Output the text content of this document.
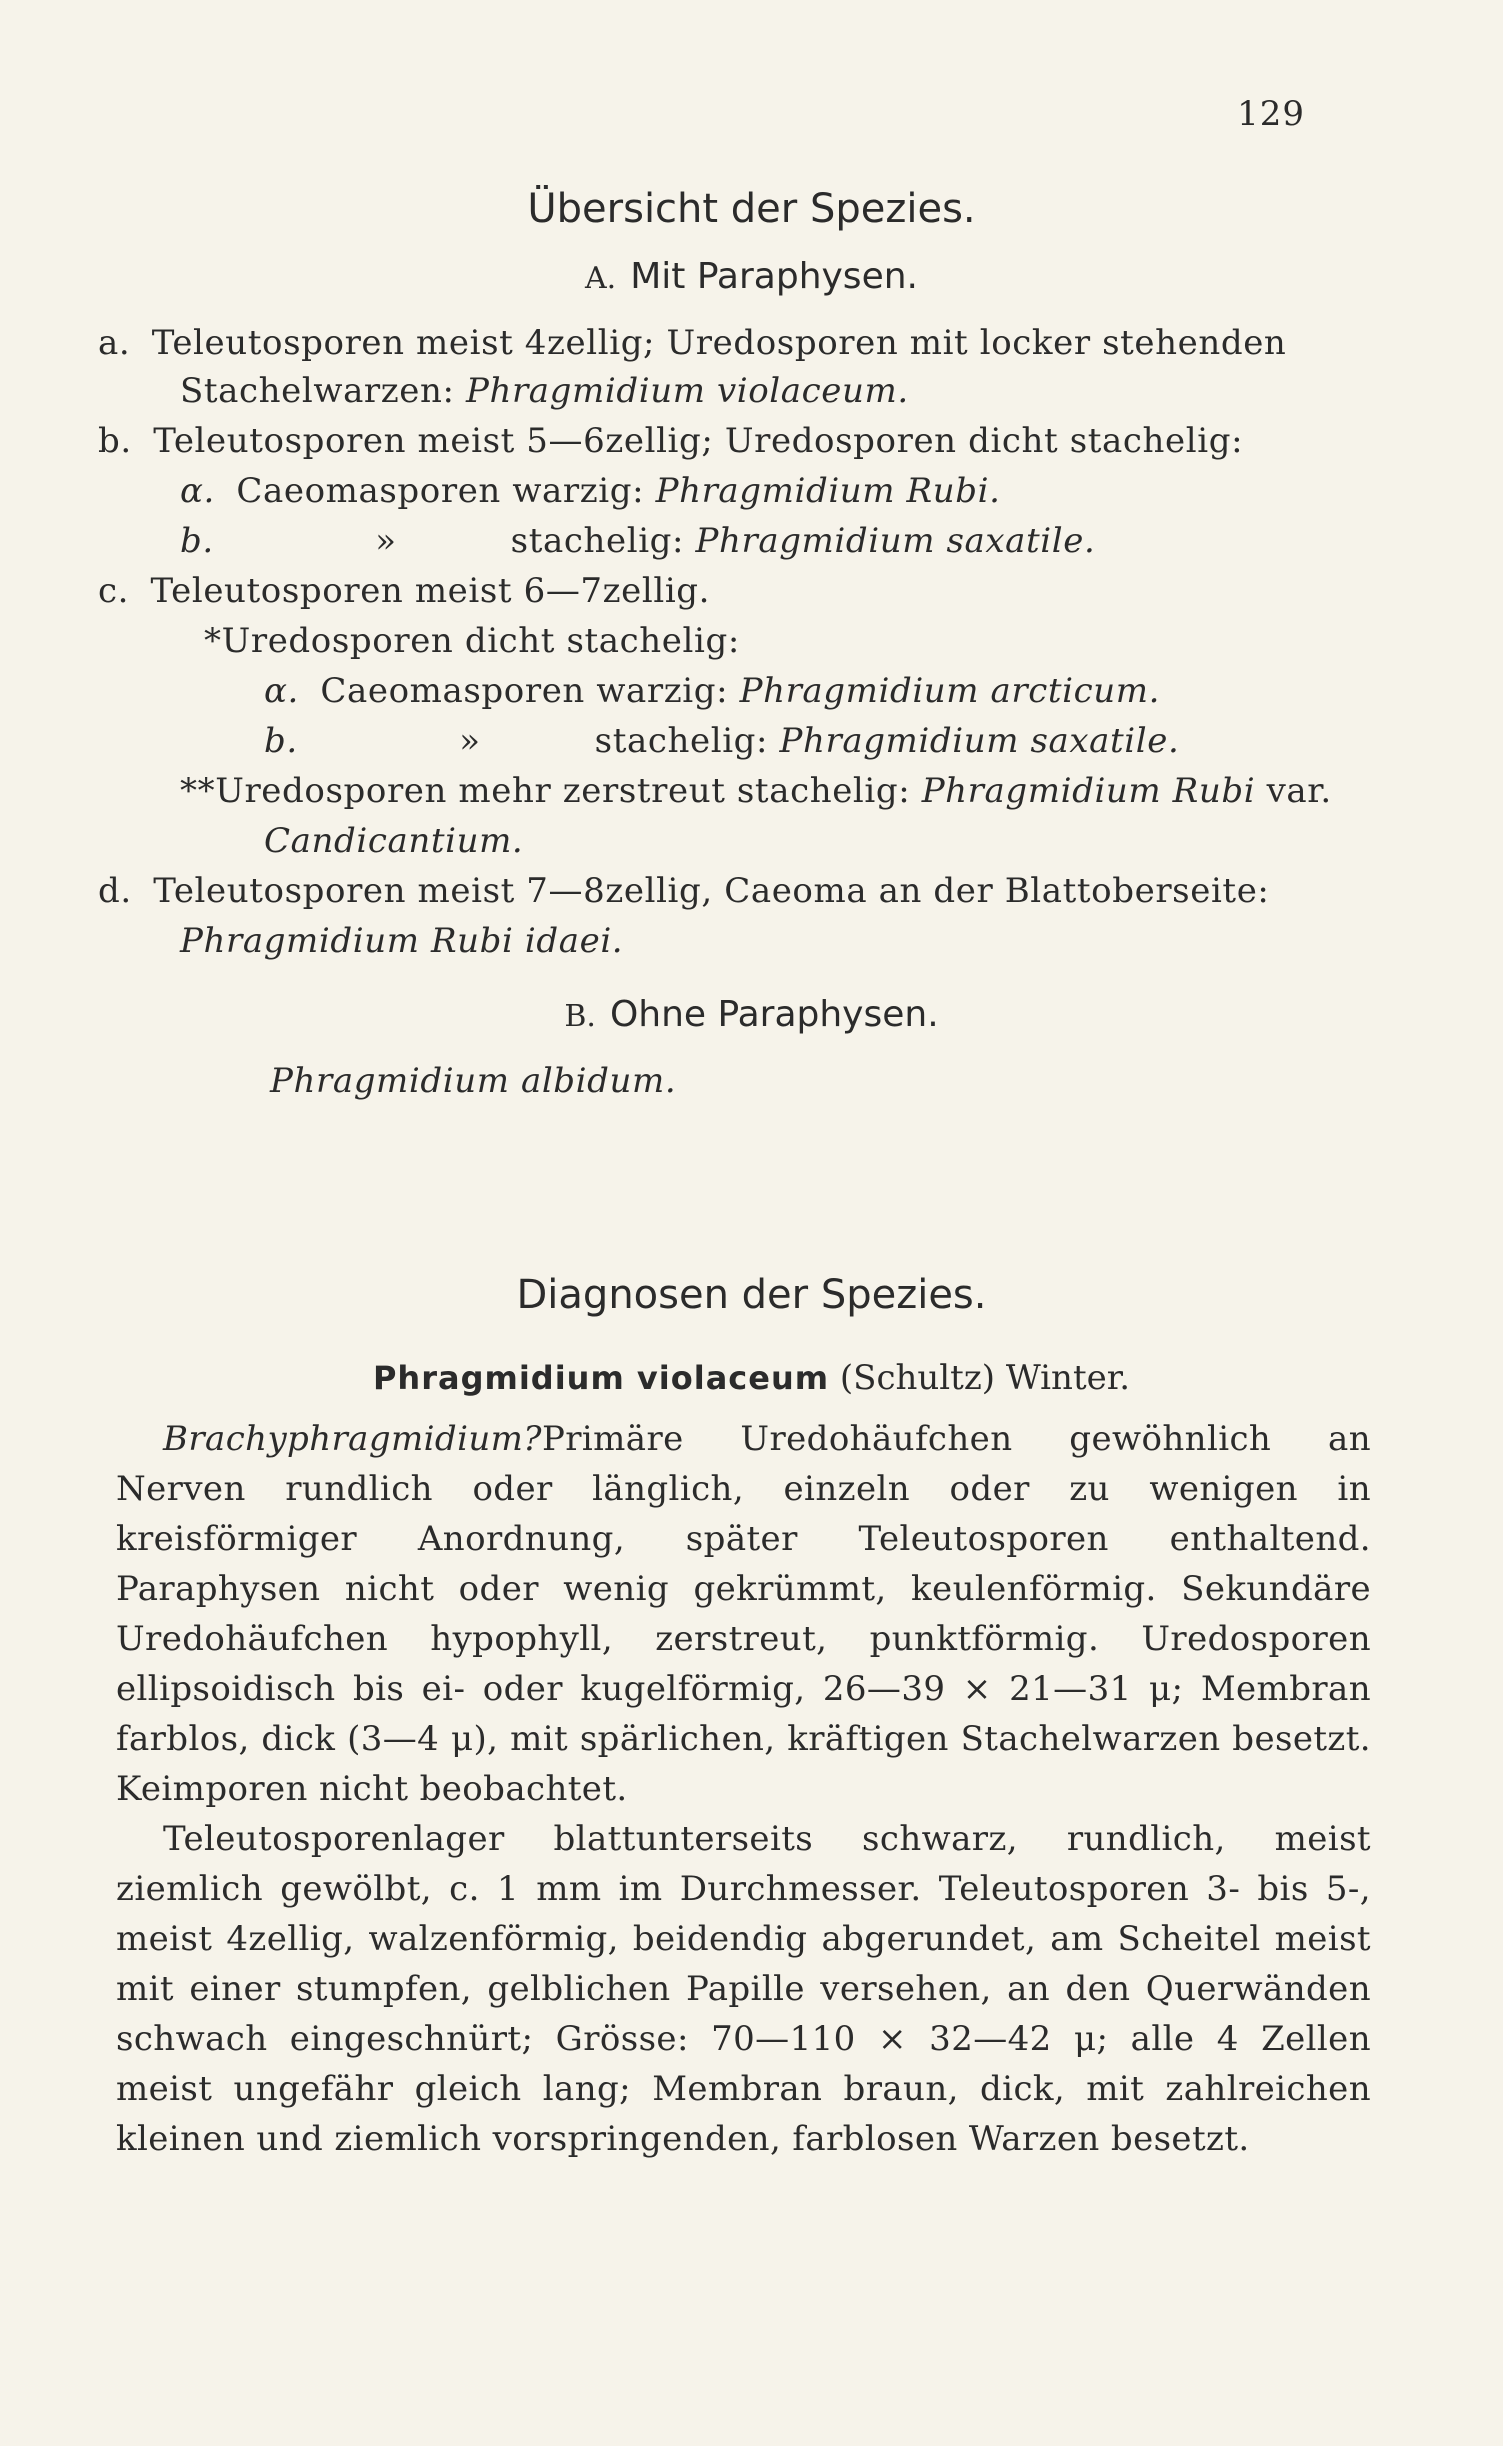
129
Übersicht der Spezies.
A. Mit Paraphysen.
a. Teleutosporen meist 4zellig; Uredosporen mit locker stehenden
Stachelwarzen: Phragmidium violaceum.
b. Teleutosporen meist 5—6zellig; Uredosporen dicht stachelig:
α. Caeomasporen warzig: Phragmidium Rubi.
b.	»          stachelig: Phragmidium saxatile.
c. Teleutosporen meist 6—7zellig.
*Uredosporen dicht stachelig:
α. Caeomasporen warzig: Phragmidium arcticum.
b.	»          stachelig: Phragmidium saxatile.
**Uredosporen mehr zerstreut stachelig: Phragmidium Rubi var.
Candicantium.
d. Teleutosporen meist 7—8zellig, Caeoma an der Blattoberseite:
Phragmidium Rubi idaei.
B. Ohne Paraphysen.
Phragmidium albidum.
Diagnosen der Spezies.
Phragmidium violaceum (Schultz) Winter.

Brachyphragmidium?Primäre Uredohäufchen gewöhnlich an Nerven rundlich oder länglich, einzeln oder zu wenigen in kreisförmiger Anordnung, später Teleutosporen enthaltend. Paraphysen nicht oder wenig gekrümmt, keulenförmig. Sekundäre Uredohäufchen hypophyll, zerstreut, punktförmig. Uredosporen ellipsoidisch bis ei- oder kugelförmig, 26—39 × 21—31 μ; Membran farblos, dick (3—4 μ), mit spärlichen, kräftigen Stachelwarzen besetzt. Keimporen nicht beobachtet.

Teleutosporenlager blattunterseits schwarz, rundlich, meist ziemlich gewölbt, c. 1 mm im Durchmesser. Teleutosporen 3- bis 5-, meist 4zellig, walzenförmig, beidendig abgerundet, am Scheitel meist mit einer stumpfen, gelblichen Papille versehen, an den Querwänden schwach eingeschnürt; Grösse: 70—110 × 32—42 μ; alle 4 Zellen meist ungefähr gleich lang; Membran braun, dick, mit zahlreichen kleinen und ziemlich vorspringenden, farblosen Warzen besetzt.
